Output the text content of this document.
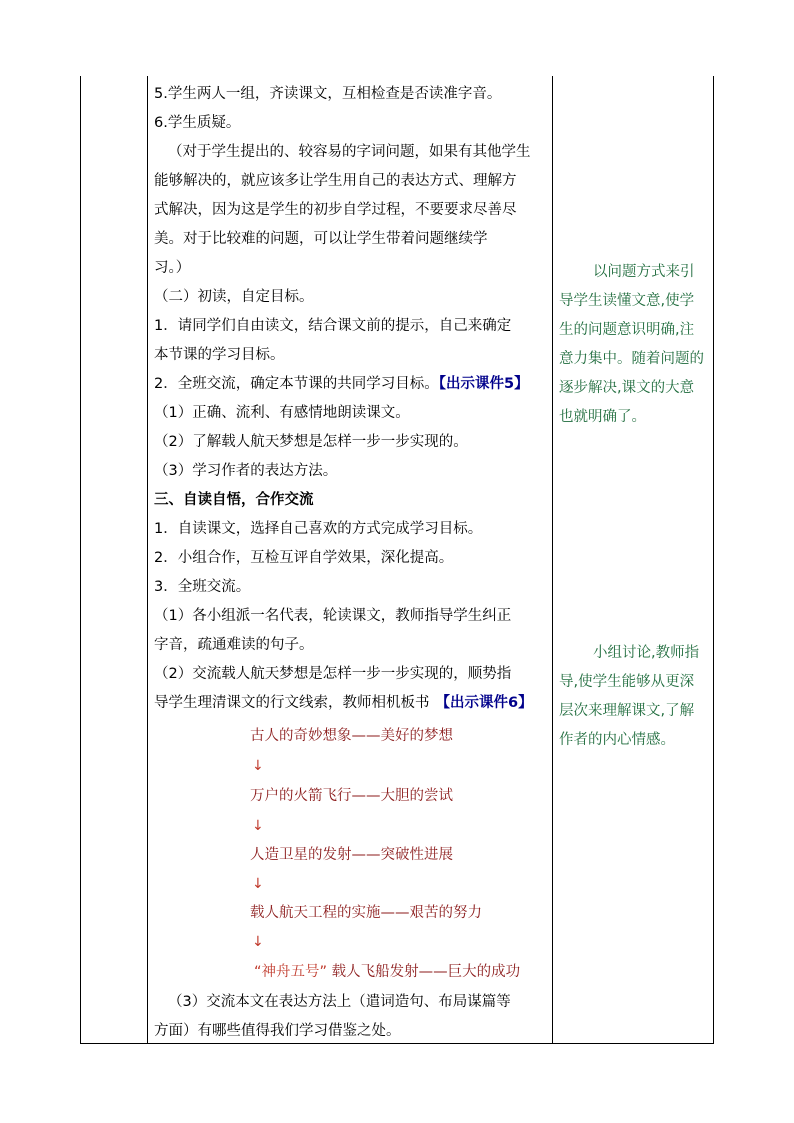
5.学生两人一组，齐读课文，互相检查是否读准字音。
6.学生质疑。
（对于学生提出的、较容易的字词问题，如果有其他学生
能够解决的，就应该多让学生用自己的表达方式、理解方
式解决，因为这是学生的初步自学过程，不要要求尽善尽
美。对于比较难的问题，可以让学生带着问题继续学
习。）
（二）初读，自定目标。
1．请同学们自由读文，结合课文前的提示，自己来确定
本节课的学习目标。
2．全班交流，确定本节课的共同学习目标。【出示课件5】
（1）正确、流利、有感情地朗读课文。
（2）了解载人航天梦想是怎样一步一步实现的。
（3）学习作者的表达方法。
三、自读自悟，合作交流
1．自读课文，选择自己喜欢的方式完成学习目标。
2．小组合作，互检互评自学效果，深化提高。
3．全班交流。
（1）各小组派一名代表，轮读课文，教师指导学生纠正
字音，疏通难读的句子。
（2）交流载人航天梦想是怎样一步一步实现的，顺势指
导学生理清课文的行文线索，教师相机板书 【出示课件6】
古人的奇妙想象——美好的梦想
↓
万户的火箭飞行——大胆的尝试
↓
人造卫星的发射——突破性进展
↓
载人航天工程的实施——艰苦的努力
↓
“神舟五号” 载人飞船发射——巨大的成功
（3）交流本文在表达方法上（遣词造句、布局谋篇等
方面）有哪些值得我们学习借鉴之处。
以问题方式来引
导学生读懂文意,使学
生的问题意识明确,注
意力集中。随着问题的
逐步解决,课文的大意
也就明确了。
小组讨论,教师指
导,使学生能够从更深
层次来理解课文,了解
作者的内心情感。
